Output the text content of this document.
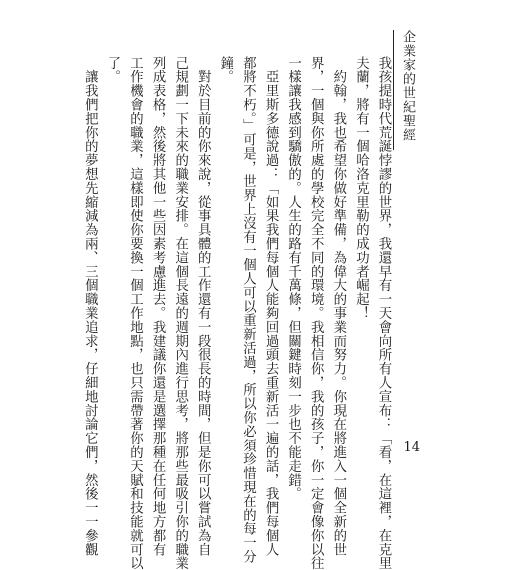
企業家的世紀聖經
我孩提時代荒誕悖謬的世界，我還早有一天會向所有人宣布：「看，在這裡，在克里
夫蘭，將有一個哈洛克里勒的成功者崛起！
　約翰，我也希望你做好準備，為偉大的事業而努力。你現在將進入一個全新的世
界，一個與你所處的學校完全不同的環境。我相信你，我的孩子，你一定會像你以往
一樣讓我感到驕傲的。人生的路有千萬條，但關鍵時刻一步也不能走錯。
　亞里斯多德說過：「如果我們每個人能夠回過頭去重新活一遍的話，我們每個人
都將不朽。」可是，世界上沒有一個人可以重新活過，所以你必須珍惜現在的每一分
鐘。
　對於目前的你來說，從事具體的工作還有一段很長的時間，但是你可以嘗試為自
己規劃一下未來的職業安排。在這個長遠的週期內進行思考，將那些最吸引你的職業
列成表格，然後將其他一些因素考慮進去。我建議你還是選擇那種在任何地方都有
工作機會的職業，這樣即使你要換一個工作地點，也只需帶著你的天賦和技能就可以
了。
　讓我們把你的夢想先縮減為兩、三個職業追求，仔細地討論它們，然後一一參觀	14
